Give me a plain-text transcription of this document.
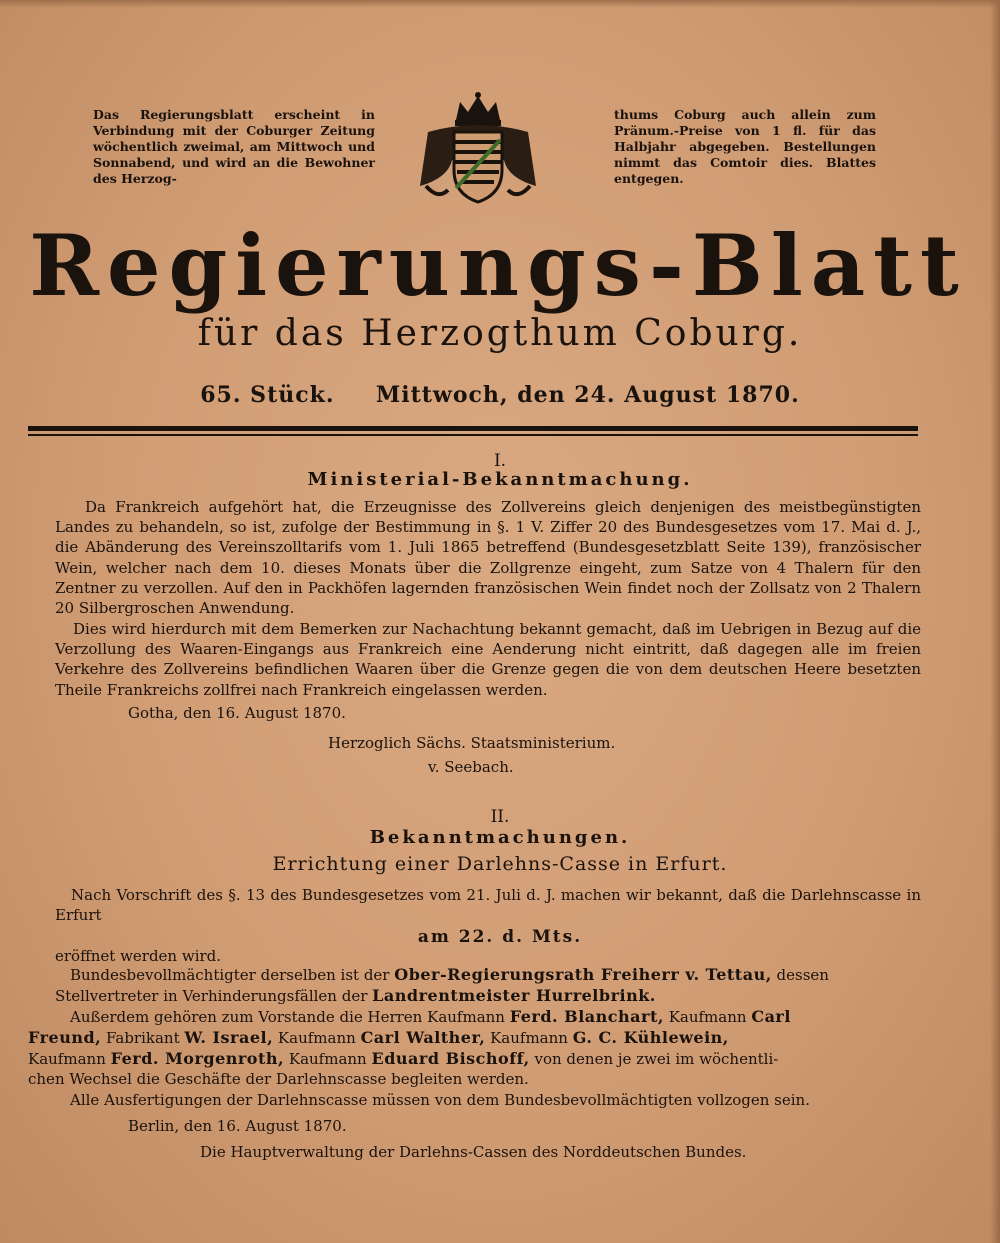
Das Regierungsblatt erscheint in Verbindung mit der Coburger Zeitung wöchentlich zweimal, am Mittwoch und Sonnabend, und wird an die Bewohner des Herzog-
thums Coburg auch allein zum Pränum.-Preise von 1 fl. für das Halbjahr abgegeben. Bestellungen nimmt das Comtoir dies. Blattes entgegen.
Regierungs-Blatt
für das Herzogthum Coburg.
65. Stück. Mittwoch, den 24. August 1870.
I.
Ministerial-Bekanntmachung.
Da Frankreich aufgehört hat, die Erzeugnisse des Zollvereins gleich denjenigen des meistbegünstigten Landes zu behandeln, so ist, zufolge der Bestimmung in §. 1 V. Ziffer 20 des Bundesgesetzes vom 17. Mai d. J., die Abänderung des Vereinszolltarifs vom 1. Juli 1865 betreffend (Bundesgesetzblatt Seite 139), französischer Wein, welcher nach dem 10. dieses Monats über die Zollgrenze eingeht, zum Satze von 4 Thalern für den Zentner zu verzollen. Auf den in Packhöfen lagernden französischen Wein findet noch der Zollsatz von 2 Thalern 20 Silbergroschen Anwendung.
Dies wird hierdurch mit dem Bemerken zur Nachachtung bekannt gemacht, daß im Uebrigen in Bezug auf die Verzollung des Waaren-Eingangs aus Frankreich eine Aenderung nicht eintritt, daß dagegen alle im freien Verkehre des Zollvereins befindlichen Waaren über die Grenze gegen die von dem deutschen Heere besetzten Theile Frankreichs zollfrei nach Frankreich eingelassen werden.
Gotha, den 16. August 1870.
Herzoglich Sächs. Staatsministerium.
v. Seebach.
II.
Bekanntmachungen.
Errichtung einer Darlehns-Casse in Erfurt.
Nach Vorschrift des §. 13 des Bundesgesetzes vom 21. Juli d. J. machen wir bekannt, daß die Darlehnscasse in Erfurt
am 22. d. Mts.
eröffnet werden wird.
Bundesbevollmächtigter derselben ist der Ober-Regierungsrath Freiherr v. Tettau, dessen
Stellvertreter in Verhinderungsfällen der Landrentmeister Hurrelbrink.
Außerdem gehören zum Vorstande die Herren Kaufmann Ferd. Blanchart, Kaufmann Carl
Freund, Fabrikant W. Israel, Kaufmann Carl Walther, Kaufmann G. C. Kühlewein,
Kaufmann Ferd. Morgenroth, Kaufmann Eduard Bischoff, von denen je zwei im wöchentli-
chen Wechsel die Geschäfte der Darlehnscasse begleiten werden.
Alle Ausfertigungen der Darlehnscasse müssen von dem Bundesbevollmächtigten vollzogen sein.
Berlin, den 16. August 1870.
Die Hauptverwaltung der Darlehns-Cassen des Norddeutschen Bundes.
